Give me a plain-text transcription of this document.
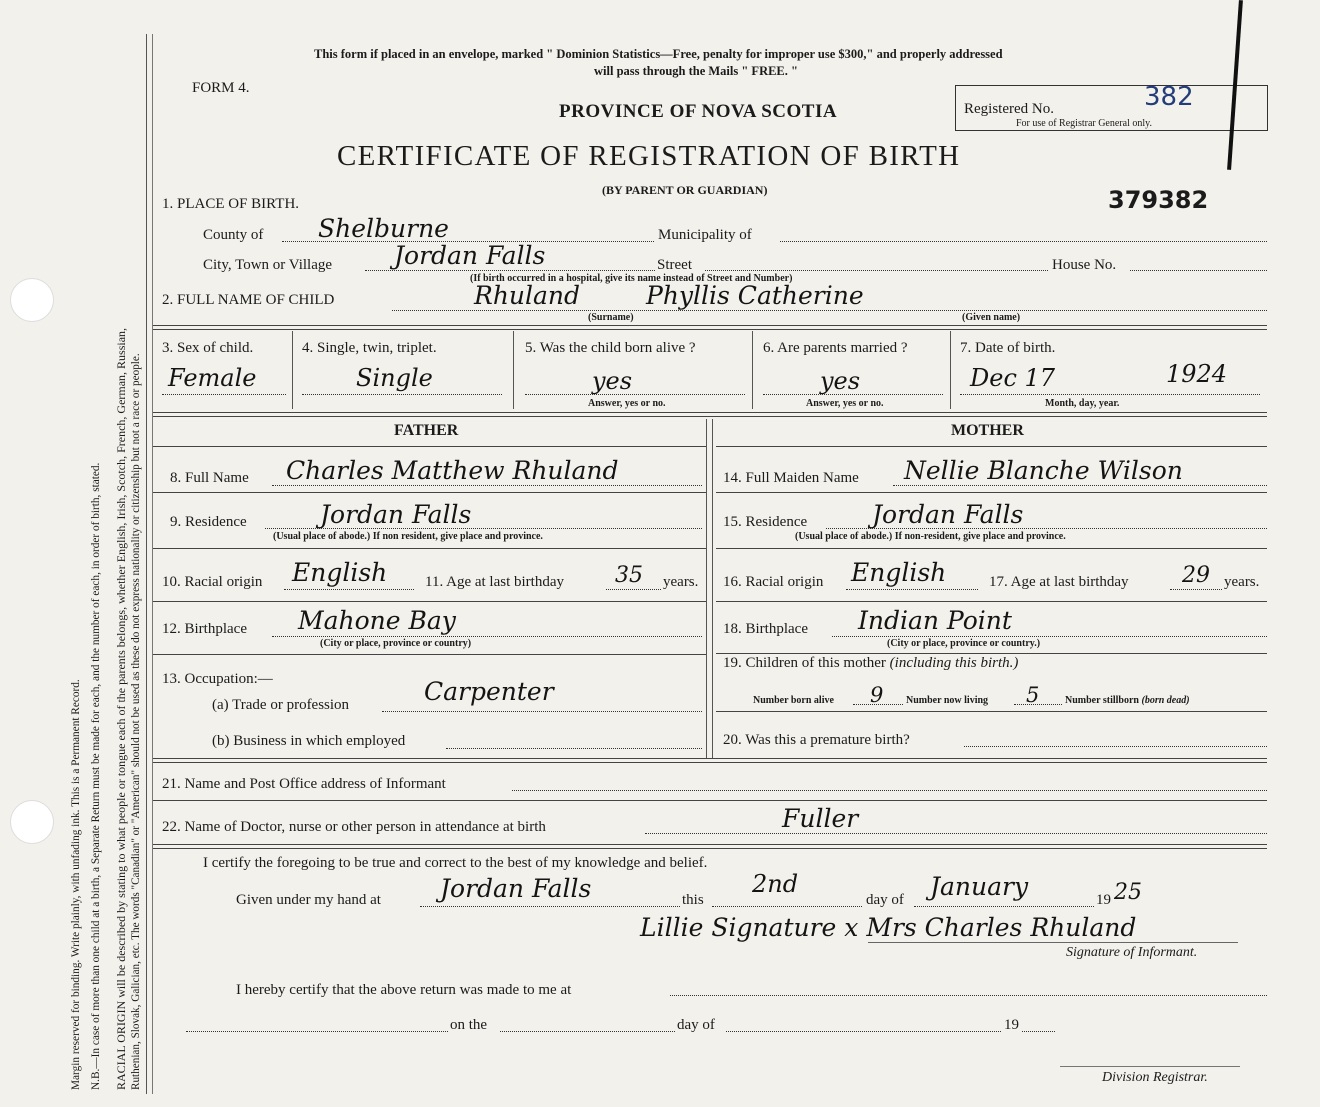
Margin reserved for binding. Write plainly, with unfading ink. This is a Permanent Record. N.B.—In case of more than one child at a birth, a Separate Return must be made for each, and the number of each, in order of birth, stated. RACIAL ORIGIN will be described by stating to what people or tongue each of the parents belongs, whether English, Irish, Scotch, French, German, Russian, Ruthenian, Slovak, Galician, etc. The words "Canadian" or "American" should not be used as these do not express nationality or citizenship but not a race or people.
This form if placed in an envelope, marked " Dominion Statistics—Free, penalty for improper use $300," and properly addressed
will pass through the Mails " FREE. "
FORM 4.
PROVINCE OF NOVA SCOTIA
CERTIFICATE OF REGISTRATION OF BIRTH
(BY PARENT OR GUARDIAN)
Registered No.	382
For use of Registrar General only.
379382
1. PLACE OF BIRTH.
County of Shelburne	Municipality of
City, Town or Village Jordan Falls	Street	House No.
(If birth occurred in a hospital, give its name instead of Street and Number)
2. FULL NAME OF CHILD	Rhuland	Phyllis Catherine
(Surname)	(Given name)
3. Sex of child.
Female
4. Single, twin, triplet.
Single
5. Was the child born alive ?
yes
Answer, yes or no.
6. Are parents married ?
yes
Answer, yes or no.
7. Date of birth.
Dec 17	1924
Month, day, year.
FATHER	MOTHER
8. Full Name Charles Matthew Rhuland
9. Residence	Jordan Falls
(Usual place of abode.) If non resident, give place and province.
10. Racial origin English	11. Age at last birthday 35 years.
12. Birthplace Mahone Bay
(City or place, province or country)
13. Occupation:—
(a) Trade or profession	Carpenter
(b) Business in which employed
14. Full Maiden Name Nellie Blanche Wilson
15. Residence	Jordan Falls
(Usual place of abode.) If non-resident, give place and province.
16. Racial origin English	17. Age at last birthday 29 years.
18. Birthplace Indian Point
(City or place, province or country.)
19. Children of this mother (including this birth.)
Number born alive 9 Number now living 5	Number stillborn (born dead)
20. Was this a premature birth?
21. Name and Post Office address of Informant
22. Name of Doctor, nurse or other person in attendance at birth	Fuller
I certify the foregoing to be true and correct to the best of my knowledge and belief.
Given under my hand at Jordan Falls	this
2nd
day of January	19 25
Lillie Signature x Mrs Charles Rhuland
Signature of Informant.
I hereby certify that the above return was made to me at
on the	day of	19
Division Registrar.
